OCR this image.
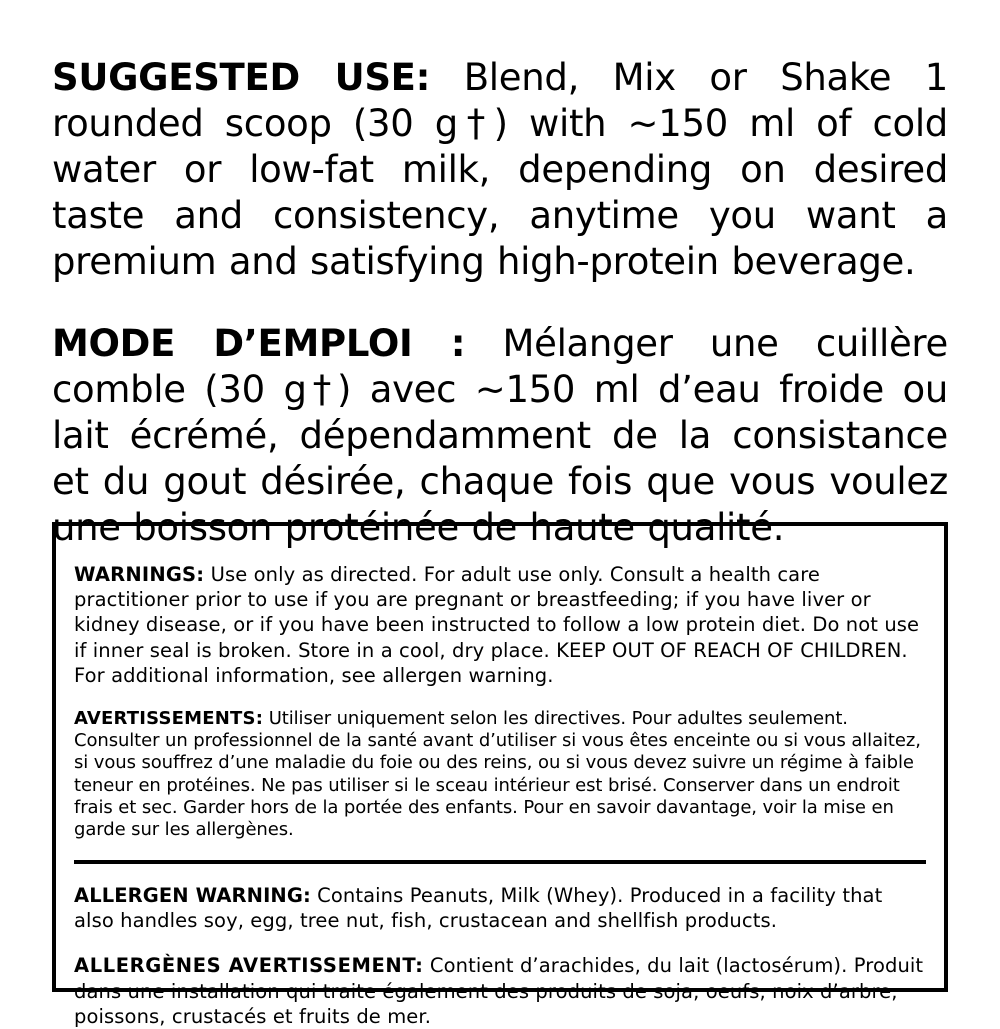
SUGGESTED USE: Blend, Mix or Shake 1 rounded scoop (30 g†) with ~150 ml of cold water or low-fat milk, depending on desired taste and consistency, anytime you want a premium and satisfying high-protein beverage.

MODE D’EMPLOI : Mélanger une cuillère comble (30 g†) avec ~150 ml d’eau froide ou lait écrémé, dépendamment de la consistance et du gout désirée, chaque fois que vous voulez une boisson protéinée de haute qualité.

WARNINGS: Use only as directed. For adult use only. Consult a health care practitioner prior to use if you are pregnant or breastfeeding; if you have liver or kidney disease, or if you have been instructed to follow a low protein diet. Do not use if inner seal is broken. Store in a cool, dry place. KEEP OUT OF REACH OF CHILDREN. For additional information, see allergen warning.

AVERTISSEMENTS: Utiliser uniquement selon les directives. Pour adultes seulement. Consulter un professionnel de la santé avant d’utiliser si vous êtes enceinte ou si vous allaitez, si vous souffrez d’une maladie du foie ou des reins, ou si vous devez suivre un régime à faible teneur en protéines. Ne pas utiliser si le sceau intérieur est brisé. Conserver dans un endroit frais et sec. Garder hors de la portée des enfants. Pour en savoir davantage, voir la mise en garde sur les allergènes.

ALLERGEN WARNING: Contains Peanuts, Milk (Whey). Produced in a facility that also handles soy, egg, tree nut, fish, crustacean and shellfish products.

ALLERGÈNES AVERTISSEMENT: Contient d’arachides, du lait (lactosérum). Produit dans une installation qui traite également des produits de soja, oeufs, noix d’arbre, poissons, crustacés et fruits de mer.
